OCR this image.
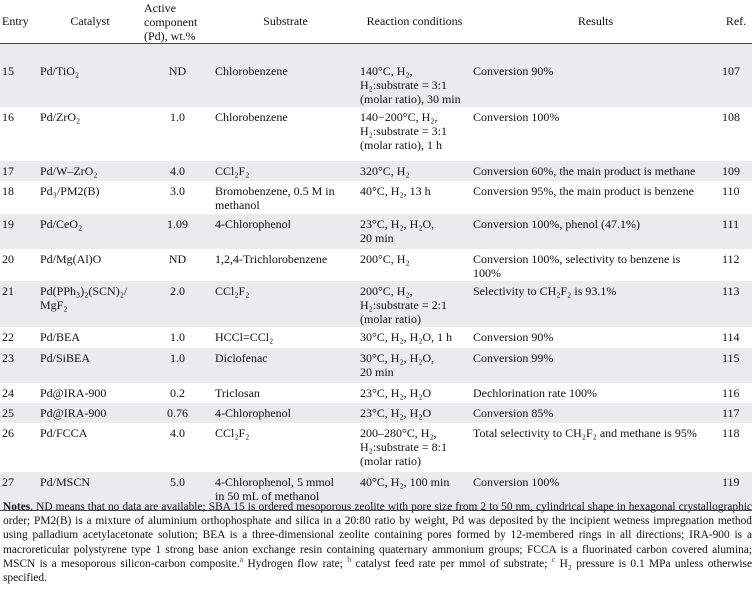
Entry	Catalyst	Active
component
(Pd), wt.%	Substrate	Reaction conditions	Results	Ref.
15	Pd/TiO₂	ND	Chlorobenzene	140°C, H₂,
H₂:substrate = 3:1
(molar ratio), 30 min	Conversion 90%	107
16	Pd/ZrO₂	1.0	Chlorobenzene	140−200°C, H₂,
H₂:substrate = 3:1
(molar ratio), 1 h	Conversion 100%	108
17	Pd/W–ZrO₂	4.0	CCl₂F₂	320°C, H₂	Conversion 60%, the main product is methane	109
18	Pd₃/PM2(B)	3.0	Bromobenzene, 0.5 M in
methanol	40°C, H₂, 13 h	Conversion 95%, the main product is benzene	110
19	Pd/CeO₂	1.09	4-Chlorophenol	23°C, H₂, H₂O,
20 min	Conversion 100%, phenol (47.1%)	111
20	Pd/Mg(Al)O	ND	1,2,4-Trichlorobenzene	200°C, H₂	Conversion 100%, selectivity to benzene is
100%	112
21	Pd(PPh₃)₂(SCN)₂/
MgF₂	2.0	CCl₂F₂	200°C, H₂,
H₂:substrate = 2:1
(molar ratio)	Selectivity to CH₂F₂ is 93.1%	113
22	Pd/BEA	1.0	HCCl=CCl₂	30°C, H₂, H₂O, 1 h	Conversion 90%	114
23	Pd/SiBEA	1.0	Diclofenac	30°C, H₂, H₂O,
20 min	Conversion 99%	115
24	Pd@IRA-900	0.2	Triclosan	23°C, H₂, H₂O	Dechlorination rate 100%	116
25	Pd@IRA-900	0.76	4-Chlorophenol	23°C, H₂, H₂O	Conversion 85%	117
26	Pd/FCCA	4.0	CCl₂F₂	200–280°C, H₂,
H₂:substrate = 8:1
(molar ratio)	Total selectivity to CH₂F₂ and methane is 95%	118
27	Pd/MSCN	5.0	4-Chlorophenol, 5 mmol
in 50 mL of methanol	40°C, H₂, 100 min	Conversion 100%	119
Notes. ND means that no data are available; SBA 15 is ordered mesoporous zeolite with pore size from 2 to 50 nm, cylindrical shape in hexagonal crystallographic order; PM2(B) is a mixture of aluminium orthophosphate and silica in a 20:80 ratio by weight, Pd was deposited by the incipient wetness impregnation method using palladium acetylacetonate solution; BEA is a three-dimensional zeolite containing pores formed by 12-membered rings in all directions; IRA-900 is a macroreticular polystyrene type 1 strong base anion exchange resin containing quaternary ammonium groups; FCCA is a fluorinated carbon covered alumina; MSCN is a mesoporous silicon-carbon composite.$^a$ Hydrogen flow rate; $^b$ catalyst feed rate per mmol of substrate; $^c$ H₂ pressure is 0.1 MPa unless otherwise specified.
